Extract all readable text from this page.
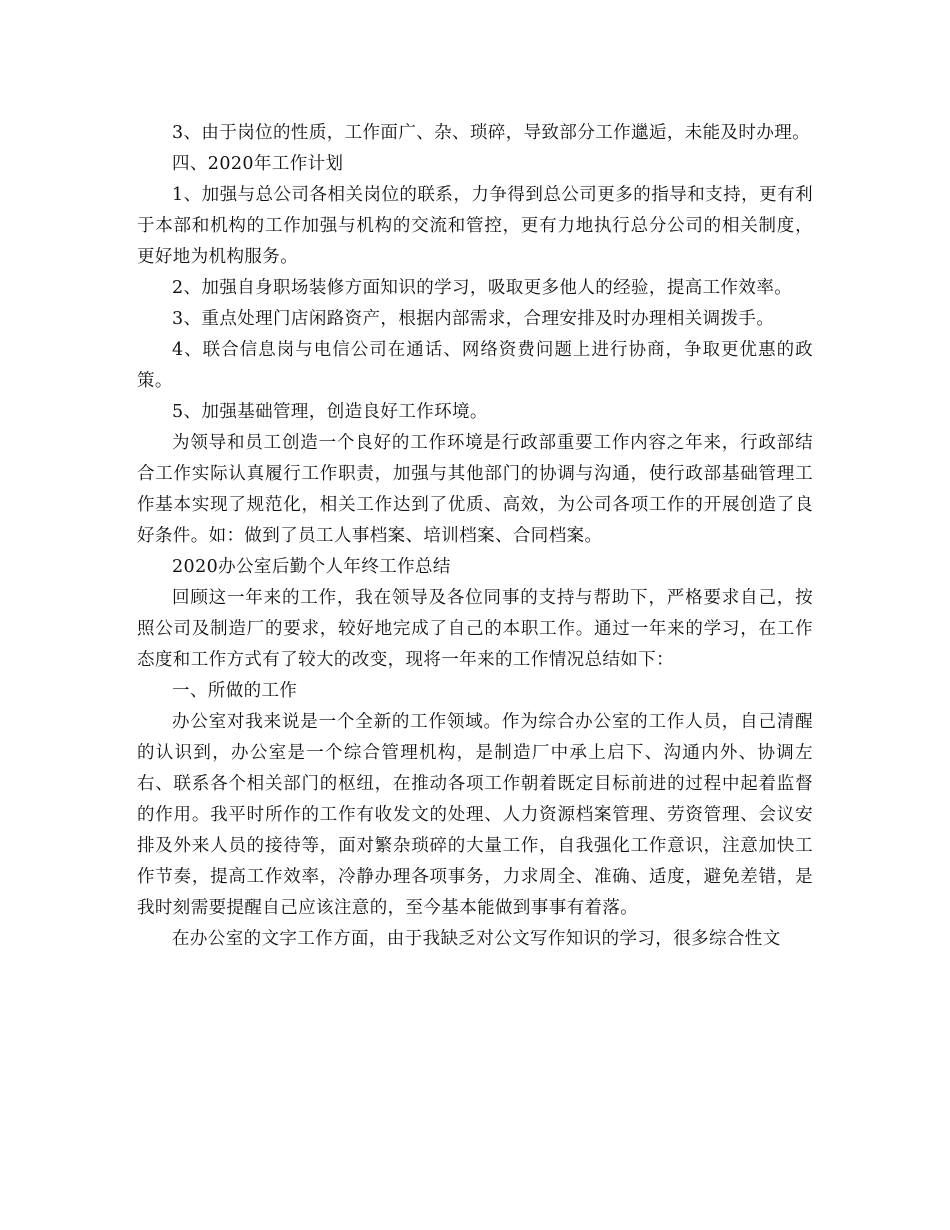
3、由于岗位的性质，工作面广、杂、琐碎，导致部分工作邋逅，未能及时办理。

四、2020年工作计划

1、加强与总公司各相关岗位的联系，力争得到总公司更多的指导和支持，更有利于本部和机构的工作加强与机构的交流和管控，更有力地执行总分公司的相关制度，更好地为机构服务。

2、加强自身职场装修方面知识的学习，吸取更多他人的经验，提高工作效率。

3、重点处理门店闲路资产，根据内部需求，合理安排及时办理相关调拨手。

4、联合信息岗与电信公司在通话、网络资费问题上进行协商，争取更优惠的政策。

5、加强基础管理，创造良好工作环境。

为领导和员工创造一个良好的工作环境是行政部重要工作内容之年来，行政部结合工作实际认真履行工作职责，加强与其他部门的协调与沟通，使行政部基础管理工作基本实现了规范化，相关工作达到了优质、高效，为公司各项工作的开展创造了良好条件。如：做到了员工人事档案、培训档案、合同档案。

2020办公室后勤个人年终工作总结

回顾这一年来的工作，我在领导及各位同事的支持与帮助下，严格要求自己，按照公司及制造厂的要求，较好地完成了自己的本职工作。通过一年来的学习，在工作态度和工作方式有了较大的改变，现将一年来的工作情况总结如下：

一、所做的工作

办公室对我来说是一个全新的工作领域。作为综合办公室的工作人员，自己清醒的认识到，办公室是一个综合管理机构，是制造厂中承上启下、沟通内外、协调左右、联系各个相关部门的枢纽，在推动各项工作朝着既定目标前进的过程中起着监督的作用。我平时所作的工作有收发文的处理、人力资源档案管理、劳资管理、会议安排及外来人员的接待等，面对繁杂琐碎的大量工作，自我强化工作意识，注意加快工作节奏，提高工作效率，冷静办理各项事务，力求周全、准确、适度，避免差错，是我时刻需要提醒自己应该注意的，至今基本能做到事事有着落。

在办公室的文字工作方面，由于我缺乏对公文写作知识的学习，很多综合性文
